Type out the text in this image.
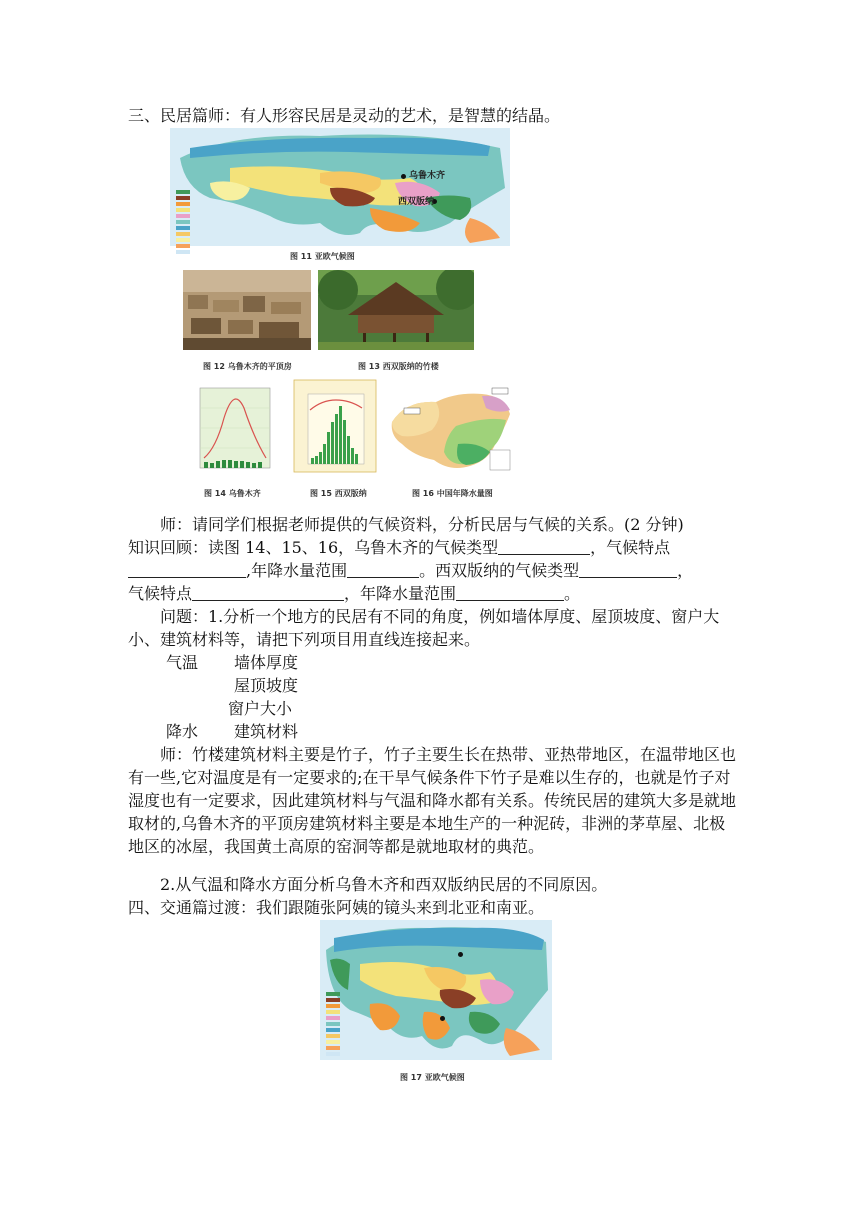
三、民居篇师：有人形容民居是灵动的艺术，是智慧的结晶。

乌鲁木齐
西双版纳
图 11 亚欧气候图
图 12 乌鲁木齐的平顶房	图 13 西双版纳的竹楼
图 14 乌鲁木齐	图 15 西双版纳	图 16 中国年降水量图

师：请同学们根据老师提供的气候资料，分析民居与气候的关系。(2 分钟)

知识回顾：读图 14、15、16，乌鲁木齐的气候类型	，气候特点
,年降水量范围	。西双版纳的气候类型	，
气候特点	，年降水量范围	。

问题：1.分析一个地方的民居有不同的角度，例如墙体厚度、屋顶坡度、窗户大小、建筑材料等，请把下列项目用直线连接起来。

气温 墙体厚度
屋顶坡度
窗户大小
降水 建筑材料

师：竹楼建筑材料主要是竹子，竹子主要生长在热带、亚热带地区，在温带地区也有一些,它对温度是有一定要求的;在干旱气候条件下竹子是难以生存的，也就是竹子对湿度也有一定要求，因此建筑材料与气温和降水都有关系。传统民居的建筑大多是就地取材的,乌鲁木齐的平顶房建筑材料主要是本地生产的一种泥砖，非洲的茅草屋、北极地区的冰屋，我国黄土高原的窑洞等都是就地取材的典范。

2.从气温和降水方面分析乌鲁木齐和西双版纳民居的不同原因。

四、交通篇过渡：我们跟随张阿姨的镜头来到北亚和南亚。

图 17 亚欧气候图
